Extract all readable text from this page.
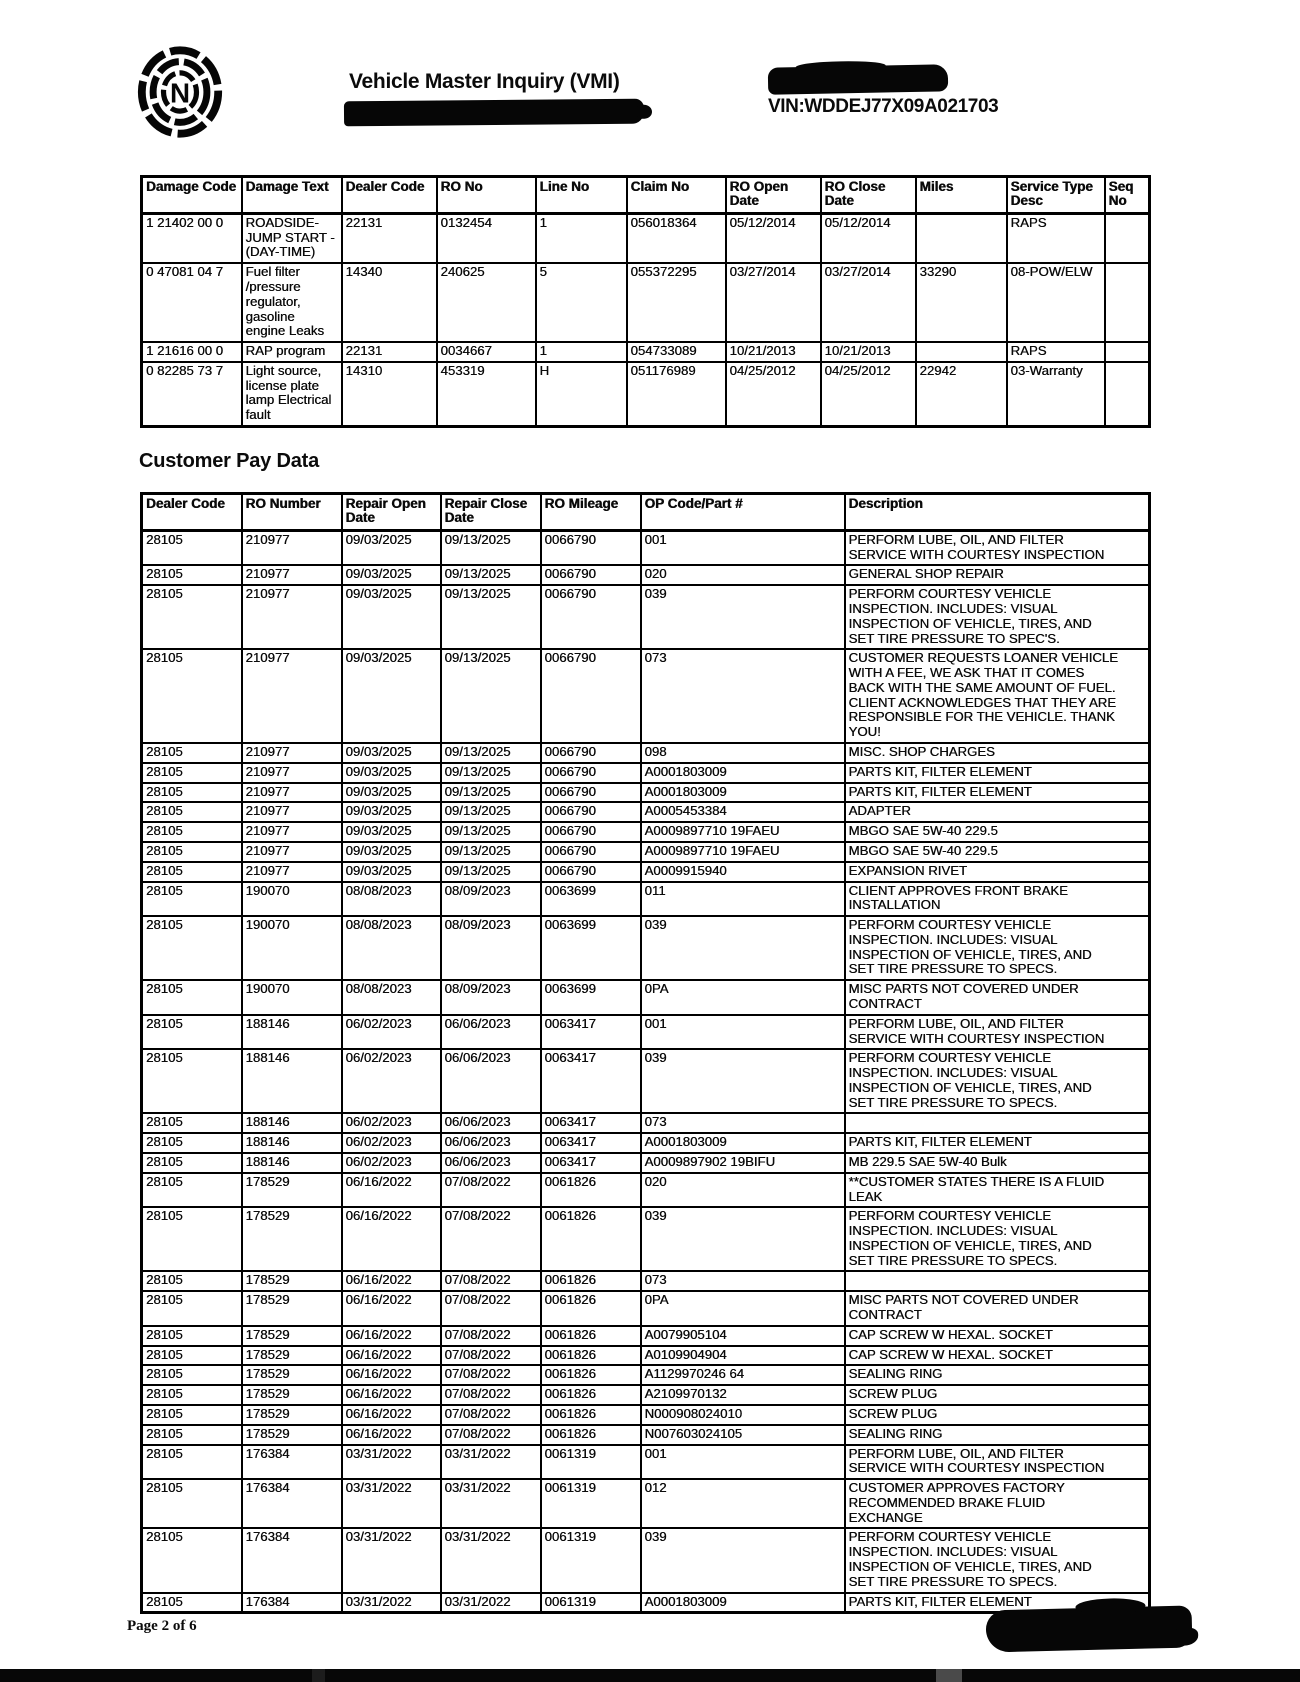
N	Vehicle Master Inquiry (VMI)
VIN:WDDEJ77X09A021703
Damage Code	Damage Text	Dealer Code	RO No	Line No	Claim No	RO Open Date	RO Close Date	Miles	Service Type Desc	Seq No
1 21402 00 0	ROADSIDE- JUMP START - (DAY-TIME)	22131	0132454	1	056018364	05/12/2014	05/12/2014		RAPS	
0 47081 04 7	Fuel filter /pressure regulator, gasoline engine Leaks	14340	240625	5	055372295	03/27/2014	03/27/2014	33290	08-POW/ELW	
1 21616 00 0	RAP program	22131	0034667	1	054733089	10/21/2013	10/21/2013		RAPS	
0 82285 73 7	Light source, license plate lamp Electrical fault	14310	453319	H	051176989	04/25/2012	04/25/2012	22942	03-Warranty	
Customer Pay Data
Dealer Code	RO Number	Repair Open Date	Repair Close Date	RO Mileage	OP Code/Part #	Description
28105	210977	09/03/2025	09/13/2025	0066790	001	PERFORM LUBE, OIL, AND FILTER SERVICE WITH COURTESY INSPECTION
28105	210977	09/03/2025	09/13/2025	0066790	020	GENERAL SHOP REPAIR
28105	210977	09/03/2025	09/13/2025	0066790	039	PERFORM COURTESY VEHICLE INSPECTION. INCLUDES: VISUAL INSPECTION OF VEHICLE, TIRES, AND SET TIRE PRESSURE TO SPEC'S.
28105	210977	09/03/2025	09/13/2025	0066790	073	CUSTOMER REQUESTS LOANER VEHICLE WITH A FEE, WE ASK THAT IT COMES BACK WITH THE SAME AMOUNT OF FUEL. CLIENT ACKNOWLEDGES THAT THEY ARE RESPONSIBLE FOR THE VEHICLE. THANK YOU!
28105	210977	09/03/2025	09/13/2025	0066790	098	MISC. SHOP CHARGES
28105	210977	09/03/2025	09/13/2025	0066790	A0001803009	PARTS KIT, FILTER ELEMENT
28105	210977	09/03/2025	09/13/2025	0066790	A0001803009	PARTS KIT, FILTER ELEMENT
28105	210977	09/03/2025	09/13/2025	0066790	A0005453384	ADAPTER
28105	210977	09/03/2025	09/13/2025	0066790	A0009897710 19FAEU	MBGO SAE 5W-40 229.5
28105	210977	09/03/2025	09/13/2025	0066790	A0009897710 19FAEU	MBGO SAE 5W-40 229.5
28105	210977	09/03/2025	09/13/2025	0066790	A0009915940	EXPANSION RIVET
28105	190070	08/08/2023	08/09/2023	0063699	011	CLIENT APPROVES FRONT BRAKE INSTALLATION
28105	190070	08/08/2023	08/09/2023	0063699	039	PERFORM COURTESY VEHICLE INSPECTION. INCLUDES: VISUAL INSPECTION OF VEHICLE, TIRES, AND SET TIRE PRESSURE TO SPECS.
28105	190070	08/08/2023	08/09/2023	0063699	0PA	MISC PARTS NOT COVERED UNDER CONTRACT
28105	188146	06/02/2023	06/06/2023	0063417	001	PERFORM LUBE, OIL, AND FILTER SERVICE WITH COURTESY INSPECTION
28105	188146	06/02/2023	06/06/2023	0063417	039	PERFORM COURTESY VEHICLE INSPECTION. INCLUDES: VISUAL INSPECTION OF VEHICLE, TIRES, AND SET TIRE PRESSURE TO SPECS.
28105	188146	06/02/2023	06/06/2023	0063417	073	
28105	188146	06/02/2023	06/06/2023	0063417	A0001803009	PARTS KIT, FILTER ELEMENT
28105	188146	06/02/2023	06/06/2023	0063417	A0009897902 19BIFU	MB 229.5 SAE 5W-40 Bulk
28105	178529	06/16/2022	07/08/2022	0061826	020	**CUSTOMER STATES THERE IS A FLUID LEAK
28105	178529	06/16/2022	07/08/2022	0061826	039	PERFORM COURTESY VEHICLE INSPECTION. INCLUDES: VISUAL INSPECTION OF VEHICLE, TIRES, AND SET TIRE PRESSURE TO SPECS.
28105	178529	06/16/2022	07/08/2022	0061826	073	
28105	178529	06/16/2022	07/08/2022	0061826	0PA	MISC PARTS NOT COVERED UNDER CONTRACT
28105	178529	06/16/2022	07/08/2022	0061826	A0079905104	CAP SCREW W HEXAL. SOCKET
28105	178529	06/16/2022	07/08/2022	0061826	A0109904904	CAP SCREW W HEXAL. SOCKET
28105	178529	06/16/2022	07/08/2022	0061826	A1129970246 64	SEALING RING
28105	178529	06/16/2022	07/08/2022	0061826	A2109970132	SCREW PLUG
28105	178529	06/16/2022	07/08/2022	0061826	N000908024010	SCREW PLUG
28105	178529	06/16/2022	07/08/2022	0061826	N007603024105	SEALING RING
28105	176384	03/31/2022	03/31/2022	0061319	001	PERFORM LUBE, OIL, AND FILTER SERVICE WITH COURTESY INSPECTION
28105	176384	03/31/2022	03/31/2022	0061319	012	CUSTOMER APPROVES FACTORY RECOMMENDED BRAKE FLUID EXCHANGE
28105	176384	03/31/2022	03/31/2022	0061319	039	PERFORM COURTESY VEHICLE INSPECTION. INCLUDES: VISUAL INSPECTION OF VEHICLE, TIRES, AND SET TIRE PRESSURE TO SPECS.
28105	176384	03/31/2022	03/31/2022	0061319	A0001803009	PARTS KIT, FILTER ELEMENT
Page 2 of 6
